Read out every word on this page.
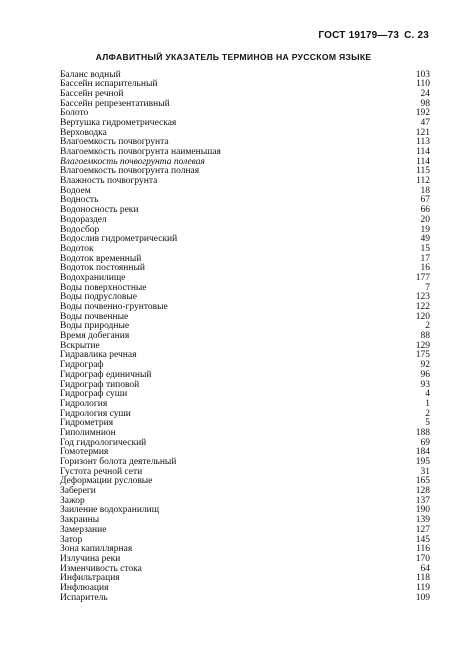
ГОСТ 19179—73 С. 23
АЛФАВИТНЫЙ УКАЗАТЕЛЬ ТЕРМИНОВ НА РУССКОМ ЯЗЫКЕ
Баланс водный	103
Бассейн испарительный	110
Бассейн речной	24
Бассейн репрезентативный	98
Болото	192
Вертушка гидрометрическая	47
Верховодка	121
Влагоемкость почвогрунта	113
Влагоемкость почвогрунта наименьшая	114
Влагоемкость почвогрунта полевая	114
Влагоемкость почвогрунта полная	115
Влажность почвогрунта	112
Водоем	18
Водность	67
Водоносность реки	66
Водораздел	20
Водосбор	19
Водослив гидрометрический	49
Водоток	15
Водоток временный	17
Водоток постоянный	16
Водохранилище	177
Воды поверхностные	7
Воды подрусловые	123
Воды почвенно-грунтовые	122
Воды почвенные	120
Воды природные	2
Время добегания	88
Вскрытие	129
Гидравлика речная	175
Гидрограф	92
Гидрограф единичный	96
Гидрограф типовой	93
Гидрограф суши	4
Гидрология	1
Гидрология суши	2
Гидрометрия	5
Гиполимнион	188
Год гидрологический	69
Гомотермия	184
Горизонт болота деятельный	195
Густота речной сети	31
Деформации русловые	165
Забереги	128
Зажор	137
Заиление водохранилищ	190
Закраины	139
Замерзание	127
Затор	145
Зона капиллярная	116
Излучина реки	170
Изменчивость стока	64
Инфильтрация	118
Инфлюация	119
Испаритель	109
